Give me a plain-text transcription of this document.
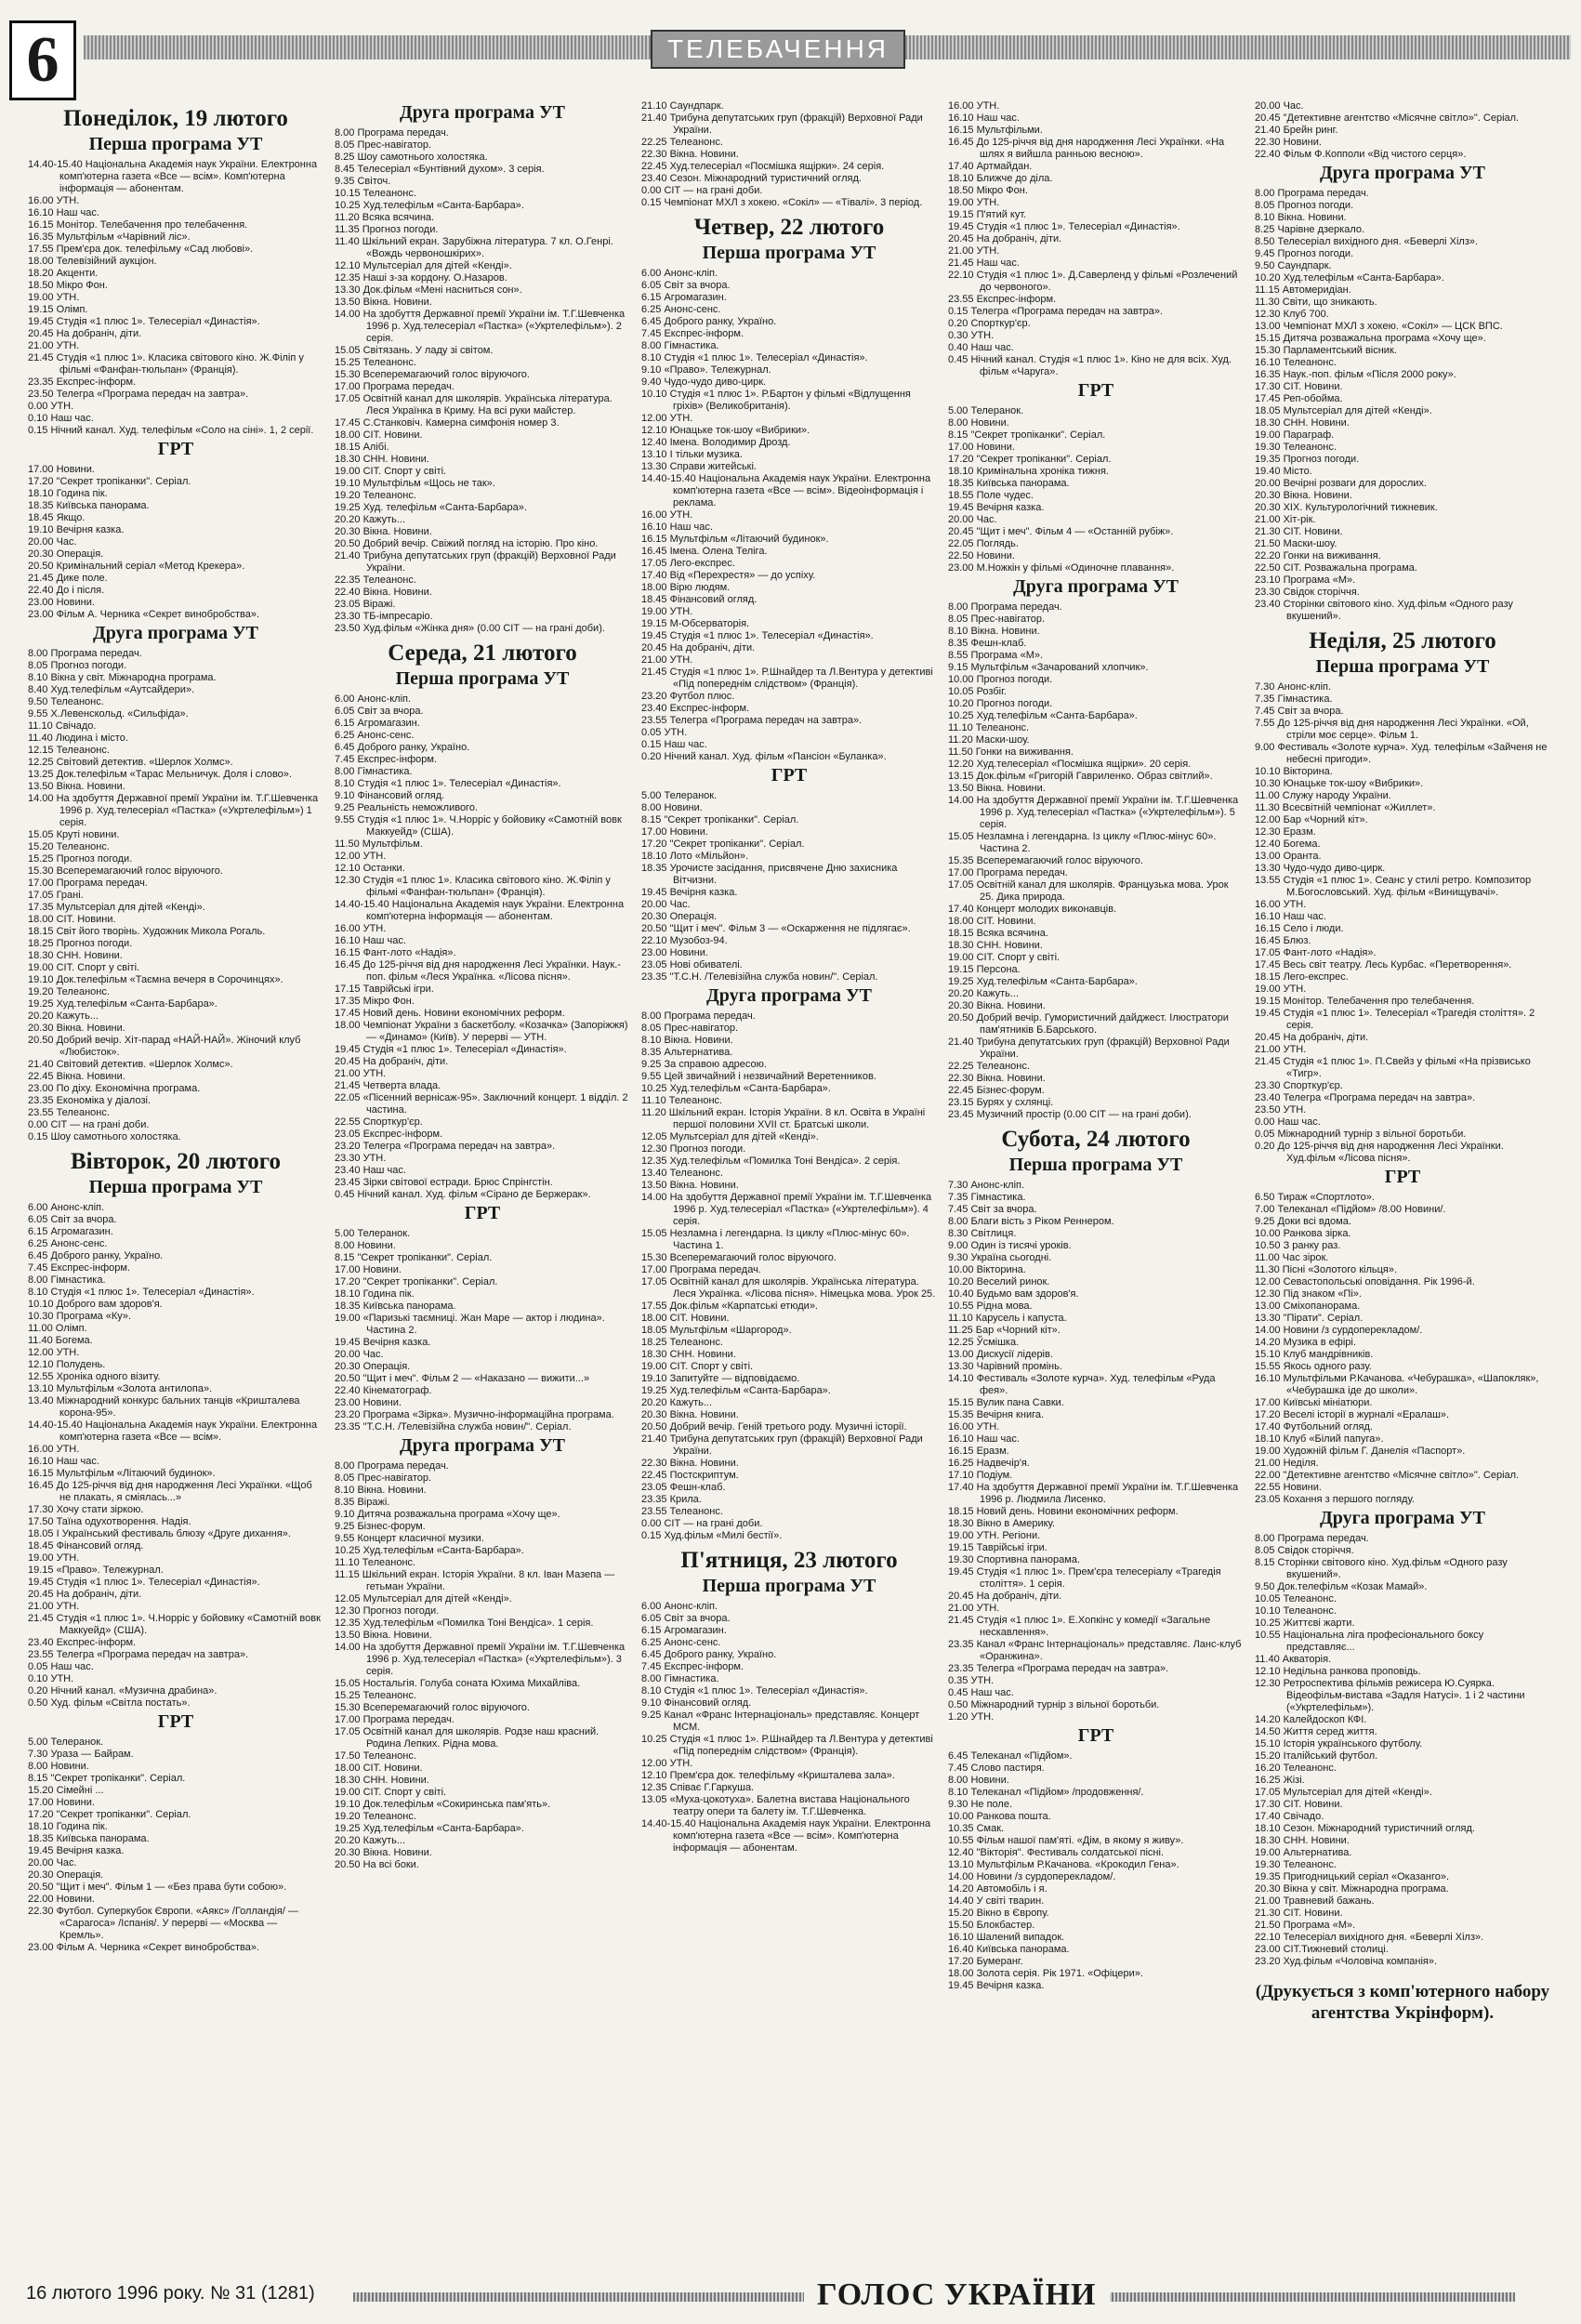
6	ТЕЛЕБАЧЕННЯ
Понеділок, 19 лютого
Перша програма УТ
14.40-15.40 Національна Академія наук України. Електронна комп'ютерна газета «Все — всім». Комп'ютерна інформація — абонентам.
16.00 УТН.
16.10 Наш час.
16.15 Монітор. Телебачення про телебачення.
16.35 Мультфільм «Чарівний ліс».
17.55 Прем'єра док. телефільму «Сад любові».
18.00 Телевізійний аукціон.
18.20 Акценти.
18.50 Мікро Фон.
19.00 УТН.
19.15 Олімп.
19.45 Студія «1 плюс 1». Телесеріал «Династія».
20.45 На добраніч, діти.
21.00 УТН.
21.45 Студія «1 плюс 1». Класика світового кіно. Ж.Філіп у фільмі «Фанфан-тюльпан» (Франція).
23.35 Експрес-інформ.
23.50 Телегра «Програма передач на завтра».
0.00 УТН.
0.10 Наш час.
0.15 Нічний канал. Худ. телефільм «Соло на сіні». 1, 2 серії.
ГРТ
17.00 Новини.
17.20 "Секрет тропіканки". Серіал.
18.10 Година пік.
18.35 Київська панорама.
18.45 Якщо.
19.10 Вечірня казка.
20.00 Час.
20.30 Операція.
20.50 Кримінальний серіал «Метод Крекера».
21.45 Дике поле.
22.40 До і після.
23.00 Новини.
23.00 Фільм А. Черника «Секрет винобробства».
Друга програма УТ
8.00 Програма передач.
8.05 Прогноз погоди.
8.10 Вікна у світ. Міжнародна програма.
8.40 Худ.телефільм «Аутсайдери».
9.50 Телеанонс.
9.55 Х.Левенскольд. «Сильфіда».
11.10 Свічадо.
11.40 Людина і місто.
12.15 Телеанонс.
12.25 Світовий детектив. «Шерлок Холмс».
13.25 Док.телефільм «Тарас Мельничук. Доля і слово».
13.50 Вікна. Новини.
14.00 На здобуття Державної премії України ім. Т.Г.Шевченка 1996 р. Худ.телесеріал «Пастка» («Укртелефільм») 1 серія.
15.05 Круті новини.
15.20 Телеанонс.
15.25 Прогноз погоди.
15.30 Всеперемагаючий голос віруючого.
17.00 Програма передач.
17.05 Грані.
17.35 Мультсеріал для дітей «Кенді».
18.00 СІТ. Новини.
18.15 Світ його творінь. Художник Микола Рогаль.
18.25 Прогноз погоди.
18.30 СНН. Новини.
19.00 СІТ. Спорт у світі.
19.10 Док.телефільм «Таємна вечеря в Сорочинцях».
19.20 Телеанонс.
19.25 Худ.телефільм «Санта-Барбара».
20.20 Кажуть...
20.30 Вікна. Новини.
20.50 Добрий вечір. Хіт-парад «НАЙ-НАЙ». Жіночий клуб «Любисток».
21.40 Світовий детектив. «Шерлок Холмс».
22.45 Вікна. Новини.
23.00 По діху. Економічна програма.
23.35 Економіка у діалозі.
23.55 Телеанонс.
0.00 СІТ — на грані доби.
0.15 Шоу самотнього холостяка.
Вівторок, 20 лютого
Перша програма УТ
6.00 Анонс-кліп.
6.05 Світ за вчора.
6.15 Агромагазин.
6.25 Анонс-сенс.
6.45 Доброго ранку, Україно.
7.45 Експрес-інформ.
8.00 Гімнастика.
8.10 Студія «1 плюс 1». Телесеріал «Династія».
10.10 Доброго вам здоров'я.
10.30 Програма «Ку».
11.00 Олімп.
11.40 Богема.
12.00 УТН.
12.10 Полудень.
12.55 Хроніка одного візиту.
13.10 Мультфільм «Золота антилопа».
13.40 Міжнародний конкурс бальних танців «Кришталева корона-95».
14.40-15.40 Національна Академія наук України. Електронна комп'ютерна газета «Все — всім».
16.00 УТН.
16.10 Наш час.
16.15 Мультфільм «Літаючий будинок».
16.45 До 125-річчя від дня народження Лесі Українки. «Щоб не плакать, я сміялась...»
17.30 Хочу стати зіркою.
17.50 Таїна одухотворення. Надія.
18.05 І Український фестиваль блюзу «Друге дихання».
18.45 Фінансовий огляд.
19.00 УТН.
19.15 «Право». Тележурнал.
19.45 Студія «1 плюс 1». Телесеріал «Династія».
20.45 На добраніч, діти.
21.00 УТН.
21.45 Студія «1 плюс 1». Ч.Норріс у бойовику «Самотній вовк Маккуейд» (США).
23.40 Експрес-інформ.
23.55 Телегра «Програма передач на завтра».
0.05 Наш час.
0.10 УТН.
0.20 Нічний канал. «Музична драбина».
0.50 Худ. фільм «Світла постать».
ГРТ
5.00 Телеранок.
7.30 Ураза — Байрам.
8.00 Новини.
8.15 "Секрет тропіканки". Серіал.
15.20 Сімейні ...
17.00 Новини.
17.20 "Секрет тропіканки". Серіал.
18.10 Година пік.
18.35 Київська панорама.
19.45 Вечірня казка.
20.00 Час.
20.30 Операція.
20.50 "Щит і меч". Фільм 1 — «Без права бути собою».
22.00 Новини.
22.30 Футбол. Суперкубок Європи. «Аякс» /Голландія/ — «Сарагоса» /Іспанія/. У перерві — «Москва — Кремль».
23.00 Фільм А. Черника «Секрет винобробства».
Друга програма УТ
8.00 Програма передач.
8.05 Прес-навігатор.
8.25 Шоу самотнього холостяка.
8.45 Телесеріал «Бунтівний духом». 3 серія.
9.35 Світоч.
10.15 Телеанонс.
10.25 Худ.телефільм «Санта-Барбара».
11.20 Всяка всячина.
11.35 Прогноз погоди.
11.40 Шкільний екран. Зарубіжна література. 7 кл. О.Генрі. «Вождь червоношкірих».
12.10 Мультсеріал для дітей «Кенді».
12.35 Наші з-за кордону. О.Назаров.
13.30 Док.фільм «Мені насниться сон».
13.50 Вікна. Новини.
14.00 На здобуття Державної премії України ім. Т.Г.Шевченка 1996 р. Худ.телесеріал «Пастка» («Укртелефільм»). 2 серія.
15.05 Світязань. У ладу зі світом.
15.25 Телеанонс.
15.30 Всеперемагаючий голос віруючого.
17.00 Програма передач.
17.05 Освітній канал для школярів. Українська література. Леся Українка в Криму. На всі руки майстер.
17.45 С.Станковіч. Камерна симфонія номер 3.
18.00 СІТ. Новини.
18.15 Алібі.
18.30 СНН. Новини.
19.00 СІТ. Спорт у світі.
19.10 Мультфільм «Щось не так».
19.20 Телеанонс.
19.25 Худ. телефільм «Санта-Барбара».
20.20 Кажуть...
20.30 Вікна. Новини.
20.50 Добрий вечір. Свіжий погляд на історію. Про кіно.
21.40 Трибуна депутатських груп (фракцій) Верховної Ради України.
22.35 Телеанонс.
22.40 Вікна. Новини.
23.05 Віражі.
23.30 ТБ-імпресаріо.
23.50 Худ.фільм «Жінка дня» (0.00 СІТ — на грані доби).
Середа, 21 лютого
Перша програма УТ
6.00 Анонс-кліп.
6.05 Світ за вчора.
6.15 Агромагазин.
6.25 Анонс-сенс.
6.45 Доброго ранку, Україно.
7.45 Експрес-інформ.
8.00 Гімнастика.
8.10 Студія «1 плюс 1». Телесеріал «Династія».
9.10 Фінансовий огляд.
9.25 Реальність неможливого.
9.55 Студія «1 плюс 1». Ч.Норріс у бойовику «Самотній вовк Маккуейд» (США).
11.50 Мультфільм.
12.00 УТН.
12.10 Останки.
12.30 Студія «1 плюс 1». Класика світового кіно. Ж.Філіп у фільмі «Фанфан-тюльпан» (Франція).
14.40-15.40 Національна Академія наук України. Електронна комп'ютерна інформація — абонентам.
16.00 УТН.
16.10 Наш час.
16.15 Фант-лото «Надія».
16.45 До 125-річчя від дня народження Лесі Українки. Наук.-поп. фільм «Леся Українка. «Лісова пісня».
17.15 Таврійські ігри.
17.35 Мікро Фон.
17.45 Новий день. Новини економічних реформ.
18.00 Чемпіонат України з баскетболу. «Козачка» (Запоріжжя) — «Динамо» (Київ). У перерві — УТН.
19.45 Студія «1 плюс 1». Телесеріал «Династія».
20.45 На добраніч, діти.
21.00 УТН.
21.45 Четверта влада.
22.05 «Пісенний вернісаж-95». Заключний концерт. 1 відділ. 2 частина.
22.55 Спорткур'єр.
23.05 Експрес-інформ.
23.20 Телегра «Програма передач на завтра».
23.30 УТН.
23.40 Наш час.
23.45 Зірки світової естради. Брюс Спрінгстін.
0.45 Нічний канал. Худ. фільм «Сірано де Бержерак».
ГРТ
5.00 Телеранок.
8.00 Новини.
8.15 "Секрет тропіканки". Серіал.
17.00 Новини.
17.20 "Секрет тропіканки". Серіал.
18.10 Година пік.
18.35 Київська панорама.
19.00 «Паризькі таємниці. Жан Маре — актор і людина». Частина 2.
19.45 Вечірня казка.
20.00 Час.
20.30 Операція.
20.50 "Щит і меч". Фільм 2 — «Наказано — вижити...»
22.40 Кінематограф.
23.00 Новини.
23.20 Програма «Зірка». Музично-інформаційна програма.
23.35 "Т.С.Н. /Телевізійна служба новин/". Серіал.
Друга програма УТ
8.00 Програма передач.
8.05 Прес-навігатор.
8.10 Вікна. Новини.
8.35 Віражі.
9.10 Дитяча розважальна програма «Хочу ще».
9.25 Бізнес-форум.
9.55 Концерт класичної музики.
10.25 Худ.телефільм «Санта-Барбара».
11.10 Телеанонс.
11.15 Шкільний екран. Історія України. 8 кл. Іван Мазепа — гетьман України.
12.05 Мультсеріал для дітей «Кенді».
12.30 Прогноз погоди.
12.35 Худ.телефільм «Помилка Тоні Вендіса». 1 серія.
13.50 Вікна. Новини.
14.00 На здобуття Державної премії України ім. Т.Г.Шевченка 1996 р. Худ.телесеріал «Пастка» («Укртелефільм»). 3 серія.
15.05 Ностальгія. Голуба соната Юхима Михайліва.
15.25 Телеанонс.
15.30 Всеперемагаючий голос віруючого.
17.00 Програма передач.
17.05 Освітній канал для школярів. Родзе наш красний. Родина Лепких. Рідна мова.
17.50 Телеанонс.
18.00 СІТ. Новини.
18.30 СНН. Новини.
19.00 СІТ. Спорт у світі.
19.10 Док.телефільм «Сокиринська пам'ять».
19.20 Телеанонс.
19.25 Худ.телефільм «Санта-Барбара».
20.20 Кажуть...
20.30 Вікна. Новини.
20.50 На всі боки.
21.10 Саундпарк.
21.40 Трибуна депутатських груп (фракцій) Верховної Ради України.
22.25 Телеанонс.
22.30 Вікна. Новини.
22.45 Худ.телесеріал «Посмішка ящірки». 24 серія.
23.40 Сезон. Міжнародний туристичний огляд.
0.00 СІТ — на грані доби.
0.15 Чемпіонат МХЛ з хокею. «Сокіл» — «Тівалі». 3 період.
Четвер, 22 лютого
Перша програма УТ
6.00 Анонс-кліп.
6.05 Світ за вчора.
6.15 Агромагазин.
6.25 Анонс-сенс.
6.45 Доброго ранку, Україно.
7.45 Експрес-інформ.
8.00 Гімнастика.
8.10 Студія «1 плюс 1». Телесеріал «Династія».
9.10 «Право». Тележурнал.
9.40 Чудо-чудо диво-цирк.
10.10 Студія «1 плюс 1». Р.Бартон у фільмі «Відлущення гріхів» (Великобританія).
12.00 УТН.
12.10 Юнацьке ток-шоу «Вибрики».
12.40 Імена. Володимир Дрозд.
13.10 І тільки музика.
13.30 Справи житейські.
14.40-15.40 Національна Академія наук України. Електронна комп'ютерна газета «Все — всім». Відеоінформація і реклама.
16.00 УТН.
16.10 Наш час.
16.15 Мультфільм «Літаючий будинок».
16.45 Імена. Олена Теліга.
17.05 Лего-експрес.
17.40 Від «Перехрестя» — до успіху.
18.00 Вірю людям.
18.45 Фінансовий огляд.
19.00 УТН.
19.15 М-Обсерваторія.
19.45 Студія «1 плюс 1». Телесеріал «Династія».
20.45 На добраніч, діти.
21.00 УТН.
21.45 Студія «1 плюс 1». Р.Шнайдер та Л.Вентура у детективі «Під попереднім слідством» (Франція).
23.20 Футбол плюс.
23.40 Експрес-інформ.
23.55 Телегра «Програма передач на завтра».
0.05 УТН.
0.15 Наш час.
0.20 Нічний канал. Худ. фільм «Пансіон «Буланка».
ГРТ
5.00 Телеранок.
8.00 Новини.
8.15 "Секрет тропіканки". Серіал.
17.00 Новини.
17.20 "Секрет тропіканки". Серіал.
18.10 Лото «Мільйон».
18.35 Урочисте засідання, присвячене Дню захисника Вітчизни.
19.45 Вечірня казка.
20.00 Час.
20.30 Операція.
20.50 "Щит і меч". Фільм 3 — «Оскарження не підлягає».
22.10 Музобоз-94.
23.00 Новини.
23.05 Нові обивателі.
23.35 "Т.С.Н. /Телевізійна служба новин/". Серіал.
Друга програма УТ
8.00 Програма передач.
8.05 Прес-навігатор.
8.10 Вікна. Новини.
8.35 Альтернатива.
9.25 За справою адресою.
9.55 Цей звичайний і незвичайний Веретенников.
10.25 Худ.телефільм «Санта-Барбара».
11.10 Телеанонс.
11.20 Шкільний екран. Історія України. 8 кл. Освіта в Україні першої половини XVII ст. Братські школи.
12.05 Мультсеріал для дітей «Кенді».
12.30 Прогноз погоди.
12.35 Худ.телефільм «Помилка Тоні Вендіса». 2 серія.
13.40 Телеанонс.
13.50 Вікна. Новини.
14.00 На здобуття Державної премії України ім. Т.Г.Шевченка 1996 р. Худ.телесеріал «Пастка» («Укртелефільм»). 4 серія.
15.05 Незламна і легендарна. Із циклу «Плюс-мінус 60». Частина 1.
15.30 Всеперемагаючий голос віруючого.
17.00 Програма передач.
17.05 Освітній канал для школярів. Українська література. Леся Українка. «Лісова пісня». Німецька мова. Урок 25.
17.55 Док.фільм «Карпатські етюди».
18.00 СІТ. Новини.
18.05 Мультфільм «Шаргород».
18.25 Телеанонс.
18.30 СНН. Новини.
19.00 СІТ. Спорт у світі.
19.10 Запитуйте — відповідаємо.
19.25 Худ.телефільм «Санта-Барбара».
20.20 Кажуть...
20.30 Вікна. Новини.
20.50 Добрий вечір. Геній третього роду. Музичні історії.
21.40 Трибуна депутатських груп (фракцій) Верховної Ради України.
22.30 Вікна. Новини.
22.45 Постскриптум.
23.05 Фешн-клаб.
23.35 Крила.
23.55 Телеанонс.
0.00 СІТ — на грані доби.
0.15 Худ.фільм «Милі бестії».
П'ятниця, 23 лютого
Перша програма УТ
6.00 Анонс-кліп.
6.05 Світ за вчора.
6.15 Агромагазин.
6.25 Анонс-сенс.
6.45 Доброго ранку, Україно.
7.45 Експрес-інформ.
8.00 Гімнастика.
8.10 Студія «1 плюс 1». Телесеріал «Династія».
9.10 Фінансовий огляд.
9.25 Канал «Франс Інтернаціональ» представляє. Концерт МСМ.
10.25 Студія «1 плюс 1». Р.Шнайдер та Л.Вентура у детективі «Під попереднім слідством» (Франція).
12.00 УТН.
12.10 Прем'єра док. телефільму «Кришталева зала».
12.35 Співає Г.Гаркуша.
13.05 «Муха-цокотуха». Балетна вистава Національного театру опери та балету ім. Т.Г.Шевченка.
14.40-15.40 Національна Академія наук України. Електронна комп'ютерна газета «Все — всім». Комп'ютерна інформація — абонентам.
16.00 УТН.
16.10 Наш час.
16.15 Мультфільми.
16.45 До 125-річчя від дня народження Лесі Українки. «На шлях я вийшла ранньою весною».
17.40 Артмайдан.
18.10 Ближче до діла.
18.50 Мікро Фон.
19.00 УТН.
19.15 П'ятий кут.
19.45 Студія «1 плюс 1». Телесеріал «Династія».
20.45 На добраніч, діти.
21.00 УТН.
21.45 Наш час.
22.10 Студія «1 плюс 1». Д.Саверленд у фільмі «Розлечений до червоного».
23.55 Експрес-інформ.
0.15 Телегра «Програма передач на завтра».
0.20 Спорткур'єр.
0.30 УТН.
0.40 Наш час.
0.45 Нічний канал. Студія «1 плюс 1». Кіно не для всіх. Худ. фільм «Чаруга».
ГРТ
5.00 Телеранок.
8.00 Новини.
8.15 "Секрет тропіканки". Серіал.
17.00 Новини.
17.20 "Секрет тропіканки". Серіал.
18.10 Кримінальна хроніка тижня.
18.35 Київська панорама.
18.55 Поле чудес.
19.45 Вечірня казка.
20.00 Час.
20.45 "Щит і меч". Фільм 4 — «Останній рубіж».
22.05 Поглядь.
22.50 Новини.
23.00 М.Ножкін у фільмі «Одиночне плавання».
Друга програма УТ
8.00 Програма передач.
8.05 Прес-навігатор.
8.10 Вікна. Новини.
8.35 Фешн-клаб.
8.55 Програма «М».
9.15 Мультфільм «Зачарований хлопчик».
10.00 Прогноз погоди.
10.05 Розбіг.
10.20 Прогноз погоди.
10.25 Худ.телефільм «Санта-Барбара».
11.10 Телеанонс.
11.20 Маски-шоу.
11.50 Гонки на виживання.
12.20 Худ.телесеріал «Посмішка ящірки». 20 серія.
13.15 Док.фільм «Григорій Гавриленко. Образ світлий».
13.50 Вікна. Новини.
14.00 На здобуття Державної премії України ім. Т.Г.Шевченка 1996 р. Худ.телесеріал «Пастка» («Укртелефільм»). 5 серія.
15.05 Незламна і легендарна. Із циклу «Плюс-мінус 60». Частина 2.
15.35 Всеперемагаючий голос віруючого.
17.00 Програма передач.
17.05 Освітній канал для школярів. Французька мова. Урок 25. Дика природа.
17.40 Концерт молодих виконавців.
18.00 СІТ. Новини.
18.15 Всяка всячина.
18.30 СНН. Новини.
19.00 СІТ. Спорт у світі.
19.15 Персона.
19.25 Худ.телефільм «Санта-Барбара».
20.20 Кажуть...
20.30 Вікна. Новини.
20.50 Добрий вечір. Гумористичний дайджест. Ілюстратори пам'ятників Б.Барського.
21.40 Трибуна депутатських груп (фракцій) Верховної Ради України.
22.25 Телеанонс.
22.30 Вікна. Новини.
22.45 Бізнес-форум.
23.15 Бурях у схлянці.
23.45 Музичний простір (0.00 СІТ — на грані доби).
Субота, 24 лютого
Перша програма УТ
7.30 Анонс-кліп.
7.35 Гімнастика.
7.45 Світ за вчора.
8.00 Благи вість з Ріком Реннером.
8.30 Світлиця.
9.00 Один із тисячі уроків.
9.30 Україна сьогодні.
10.00 Вікторина.
10.20 Веселий ринок.
10.40 Будьмо вам здоров'я.
10.55 Рідна мова.
11.10 Карусель і капуста.
11.25 Бар «Чорний кіт».
12.25 Ўсмішка.
13.00 Дискусії лідерів.
13.30 Чарівний промінь.
14.10 Фестиваль «Золоте курча». Худ. телефільм «Руда фея».
15.15 Вулик пана Савки.
15.35 Вечірня книга.
16.00 УТН.
16.10 Наш час.
16.15 Еразм.
16.25 Надвечір'я.
17.10 Подіум.
17.40 На здобуття Державної премії України ім. Т.Г.Шевченка 1996 р. Людмила Лисенко.
18.15 Новий день. Новини економічних реформ.
18.30 Вікно в Америку.
19.00 УТН. Регіони.
19.15 Таврійські ігри.
19.30 Спортивна панорама.
19.45 Студія «1 плюс 1». Прем'єра телесеріалу «Трагедія століття». 1 серія.
20.45 На добраніч, діти.
21.00 УТН.
21.45 Студія «1 плюс 1». Е.Хопкінс у комедії «Загальне нескавлення».
23.35 Канал «Франс Інтернаціональ» представляє. Ланс-клуб «Оранжина».
23.35 Телегра «Програма передач на завтра».
0.35 УТН.
0.45 Наш час.
0.50 Міжнародний турнір з вільної боротьби.
1.20 УТН.
ГРТ
6.45 Телеканал «Підйом».
7.45 Слово пастиря.
8.00 Новини.
8.10 Телеканал «Підйом» /продовження/.
9.30 Не поле.
10.00 Ранкова пошта.
10.35 Смак.
10.55 Фільм нашої пам'яті. «Дім, в якому я живу».
12.40 "Вікторія". Фестиваль солдатської пісні.
13.10 Мультфільм Р.Качанова. «Крокодил Гена».
14.00 Новини /з сурдоперекладом/.
14.20 Автомобіль і я.
14.40 У світі тварин.
15.20 Вікно в Європу.
15.50 Блокбастер.
16.10 Шалений випадок.
16.40 Київська панорама.
17.20 Бумеранг.
18.00 Золота серія. Рік 1971. «Офіцери».
19.45 Вечірня казка.
20.00 Час.
20.45 "Детективне агентство «Місячне світло»". Серіал.
21.40 Брейн ринг.
22.30 Новини.
22.40 Фільм Ф.Копполи «Від чистого серця».
Друга програма УТ
8.00 Програма передач.
8.05 Прогноз погоди.
8.10 Вікна. Новини.
8.25 Чарівне дзеркало.
8.50 Телесеріал вихідного дня. «Беверлі Хілз».
9.45 Прогноз погоди.
9.50 Саундпарк.
10.20 Худ.телефільм «Санта-Барбара».
11.15 Автомеридіан.
11.30 Світи, що зникають.
12.30 Клуб 700.
13.00 Чемпіонат МХЛ з хокею. «Сокіл» — ЦСК ВПС.
15.15 Дитяча розважальна програма «Хочу ще».
15.30 Парламентський вісник.
16.10 Телеанонс.
16.35 Наук.-поп. фільм «Після 2000 року».
17.30 СІТ. Новини.
17.45 Реп-обойма.
18.05 Мультсеріал для дітей «Кенді».
18.30 СНН. Новини.
19.00 Параграф.
19.30 Телеанонс.
19.35 Прогноз погоди.
19.40 Місто.
20.00 Вечірні розваги для дорослих.
20.30 Вікна. Новини.
20.30 ХІХ. Культурологічний тижневик.
21.00 Хіт-рік.
21.30 СІТ. Новини.
21.50 Маски-шоу.
22.20 Гонки на виживання.
22.50 СІТ. Розважальна програма.
23.10 Програма «М».
23.30 Свідок сторіччя.
23.40 Сторінки світового кіно. Худ.фільм «Одного разу вкушений».
Неділя, 25 лютого
Перша програма УТ
7.30 Анонс-кліп.
7.35 Гімнастика.
7.45 Світ за вчора.
7.55 До 125-річчя від дня народження Лесі Українки. «Ой, стріли моє серце». Фільм 1.
9.00 Фестиваль «Золоте курча». Худ. телефільм «Зайченя не небесні пригоди».
10.10 Вікторина.
10.30 Юнацьке ток-шоу «Вибрики».
11.00 Служу народу України.
11.30 Всесвітній чемпіонат «Жиллет».
12.00 Бар «Чорний кіт».
12.30 Еразм.
12.40 Богема.
13.00 Оранта.
13.30 Чудо-чудо диво-цирк.
13.55 Студія «1 плюс 1». Сеанс у стилі ретро. Композитор М.Богословський. Худ. фільм «Винищувачі».
16.00 УТН.
16.10 Наш час.
16.15 Село і люди.
16.45 Блюз.
17.05 Фант-лото «Надія».
17.45 Весь світ театру. Лесь Курбас. «Перетворення».
18.15 Лего-експрес.
19.00 УТН.
19.15 Монітор. Телебачення про телебачення.
19.45 Студія «1 плюс 1». Телесеріал «Трагедія століття». 2 серія.
20.45 На добраніч, діти.
21.00 УТН.
21.45 Студія «1 плюс 1». П.Свейз у фільмі «На прізвисько «Тигр».
23.30 Спорткур'єр.
23.40 Телегра «Програма передач на завтра».
23.50 УТН.
0.00 Наш час.
0.05 Міжнародний турнір з вільної боротьби.
0.20 До 125-річчя від дня народження Лесі Українки. Худ.фільм «Лісова пісня».
ГРТ
6.50 Тираж «Спортлото».
7.00 Телеканал «Підйом» /8.00 Новини/.
9.25 Доки всі вдома.
10.00 Ранкова зірка.
10.50 З ранку раз.
11.00 Час зірок.
11.30 Пісні «Золотого кільця».
12.00 Севастопольські оповідання. Рік 1996-й.
12.30 Під знаком «Пі».
13.00 Сміхопанорама.
13.30 "Пірати". Серіал.
14.00 Новини /з сурдоперекладом/.
14.20 Музика в ефірі.
15.10 Клуб мандрівників.
15.55 Якось одного разу.
16.10 Мультфільми Р.Качанова. «Чебурашка», «Шапокляк», «Чебурашка іде до школи».
17.00 Київські мініатюри.
17.20 Веселі історії в журналі «Ералаш».
17.40 Футбольний огляд.
18.10 Клуб «Білий папуга».
19.00 Художній фільм Г. Данелія «Паспорт».
21.00 Неділя.
22.00 "Детективне агентство «Місячне світло»". Серіал.
22.55 Новини.
23.05 Кохання з першого погляду.
Друга програма УТ
8.00 Програма передач.
8.05 Свідок сторіччя.
8.15 Сторінки світового кіно. Худ.фільм «Одного разу вкушений».
9.50 Док.телефільм «Козак Мамай».
10.05 Телеанонс.
10.10 Телеанонс.
10.25 Життєві жарти.
10.55 Національна ліга професіонального боксу представляє...
11.40 Акваторія.
12.10 Недільна ранкова проповідь.
12.30 Ретроспектива фільмів режисера Ю.Суярка. Відеофільм-вистава «Задля Натусі». 1 і 2 частини («Укртелефільм»).
14.20 Калейдоскоп КФІ.
14.50 Життя серед життя.
15.10 Історія українського футболу.
15.20 Італійський футбол.
16.20 Телеанонс.
16.25 Жізі.
17.05 Мультсеріал для дітей «Кенді».
17.30 СІТ. Новини.
17.40 Свічадо.
18.10 Сезон. Міжнародний туристичний огляд.
18.30 СНН. Новини.
19.00 Альтернатива.
19.30 Телеанонс.
19.35 Пригодницький серіал «Оказанго».
20.30 Вікна у світ. Міжнародна програма.
21.00 Травневий бажань.
21.30 СІТ. Новини.
21.50 Програма «М».
22.10 Телесеріал вихідного дня. «Беверлі Хілз».
23.00 СІТ.Тижневий столиці.
23.20 Худ.фільм «Чоловіча компанія».
(Друкується з комп'ютерного набору агентства Укрінформ).
16 лютого 1996 року. № 31 (1281)	ГОЛОС УКРАЇНИ
